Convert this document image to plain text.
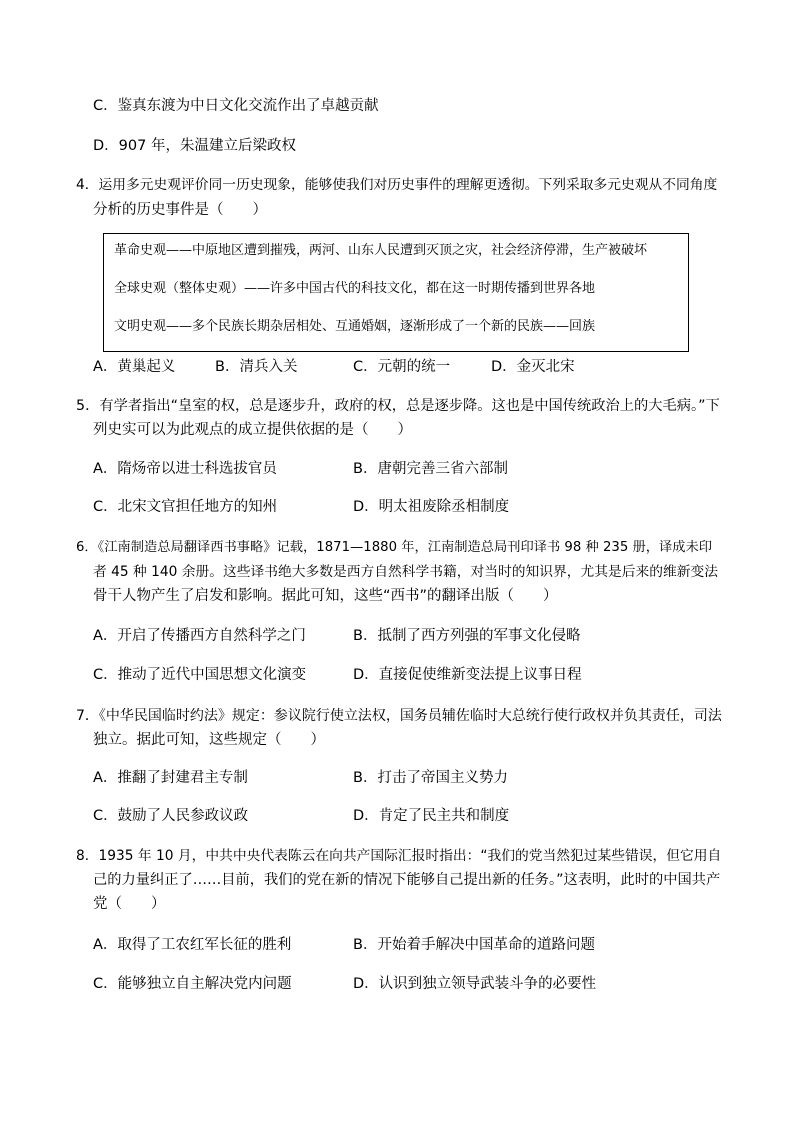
C．鉴真东渡为中日文化交流作出了卓越贡献
D．907 年，朱温建立后梁政权
4．运用多元史观评价同一历史现象，能够使我们对历史事件的理解更透彻。下列采取多元史观从不同角度
分析的历史事件是（　　）
革命史观——中原地区遭到摧残，两河、山东人民遭到灭顶之灾，社会经济停滞，生产被破坏
全球史观（整体史观）——许多中国古代的科技文化，都在这一时期传播到世界各地
文明史观——多个民族长期杂居相处、互通婚姻，逐渐形成了一个新的民族——回族
A．黄巢起义	B．清兵入关	C．元朝的统一	D．金灭北宋
5．有学者指出“皇室的权，总是逐步升，政府的权，总是逐步降。这也是中国传统政治上的大毛病。”下
列史实可以为此观点的成立提供依据的是（　　）
A．隋炀帝以进士科选拔官员	B．唐朝完善三省六部制
C．北宋文官担任地方的知州	D．明太祖废除丞相制度
6．《江南制造总局翻译西书事略》记载，1871—1880 年，江南制造总局刊印译书 98 种 235 册，译成未印
者 45 种 140 余册。这些译书绝大多数是西方自然科学书籍，对当时的知识界，尤其是后来的维新变法
骨干人物产生了启发和影响。据此可知，这些“西书”的翻译出版（　　）
A．开启了传播西方自然科学之门	B．抵制了西方列强的军事文化侵略
C．推动了近代中国思想文化演变	D．直接促使维新变法提上议事日程
7．《中华民国临时约法》规定：参议院行使立法权，国务员辅佐临时大总统行使行政权并负其责任，司法
独立。据此可知，这些规定（　　）
A．推翻了封建君主专制	B．打击了帝国主义势力
C．鼓励了人民参政议政	D．肯定了民主共和制度
8．1935 年 10 月，中共中央代表陈云在向共产国际汇报时指出：“我们的党当然犯过某些错误，但它用自
己的力量纠正了……目前，我们的党在新的情况下能够自己提出新的任务。”这表明，此时的中国共产
党（　　）
A．取得了工农红军长征的胜利	B．开始着手解决中国革命的道路问题
C．能够独立自主解决党内问题	D．认识到独立领导武装斗争的必要性
